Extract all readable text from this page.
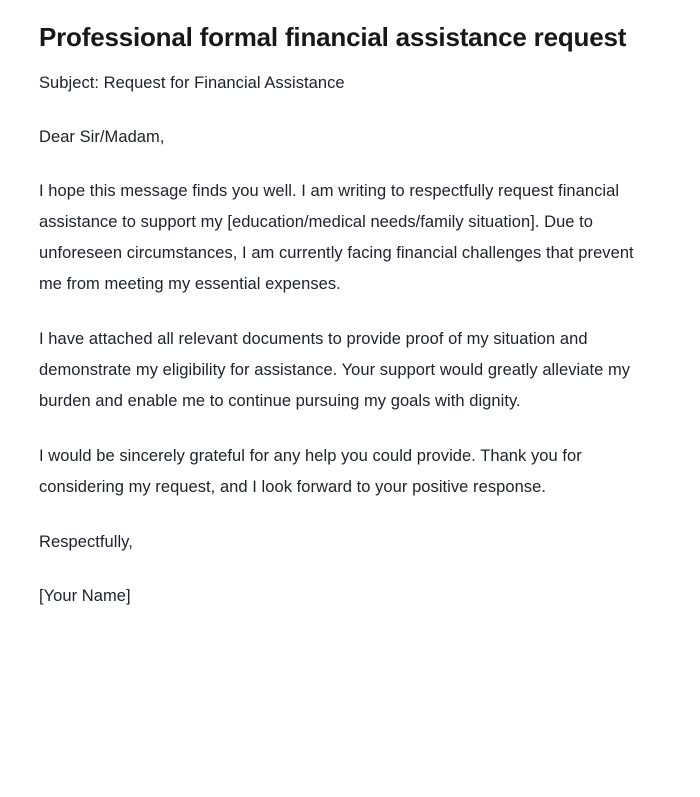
Professional formal financial assistance request

Subject: Request for Financial Assistance

Dear Sir/Madam,

I hope this message finds you well. I am writing to respectfully request financial assistance to support my [education/medical needs/family situation]. Due to unforeseen circumstances, I am currently facing financial challenges that prevent me from meeting my essential expenses.

I have attached all relevant documents to provide proof of my situation and demonstrate my eligibility for assistance. Your support would greatly alleviate my burden and enable me to continue pursuing my goals with dignity.

I would be sincerely grateful for any help you could provide. Thank you for considering my request, and I look forward to your positive response.

Respectfully,

[Your Name]
